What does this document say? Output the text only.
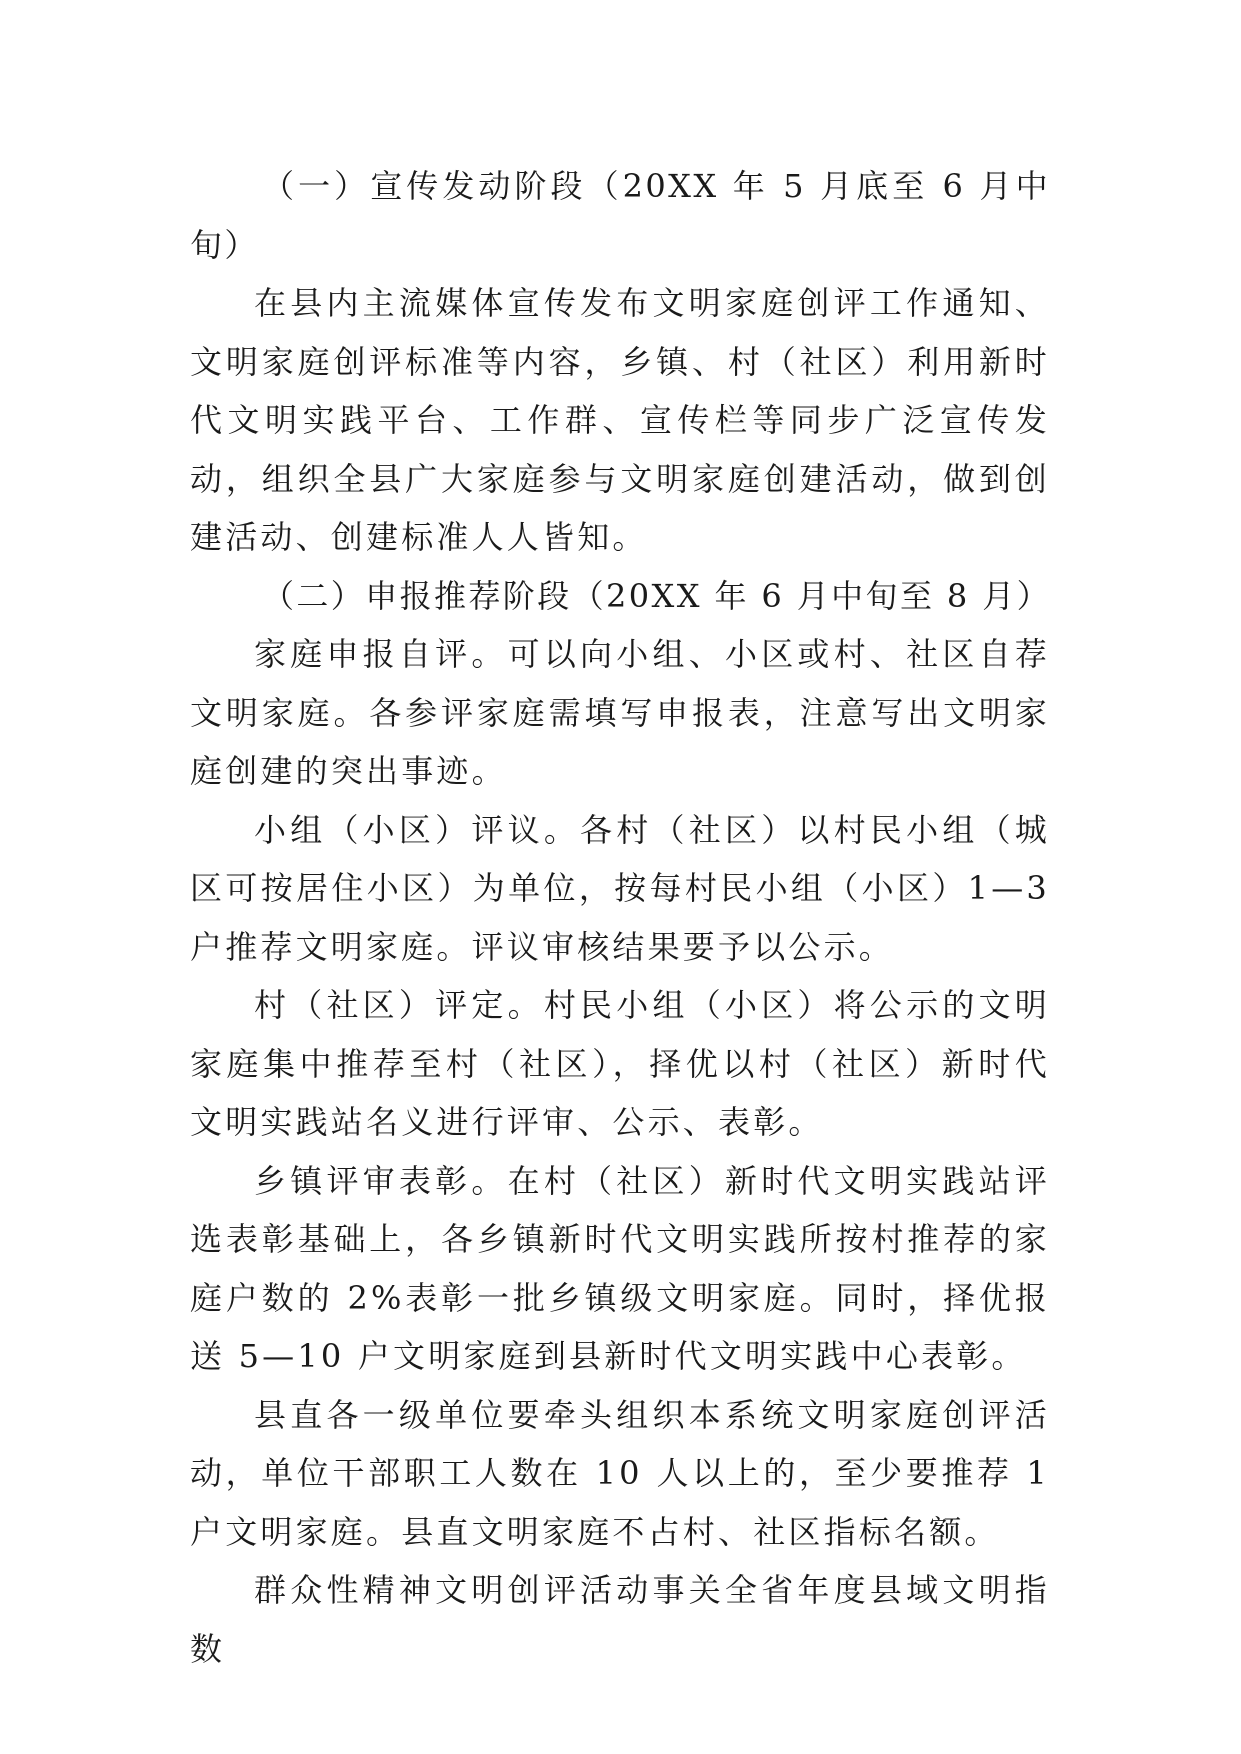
（一）宣传发动阶段（20XX 年 5 月底至 6 月中旬）

在县内主流媒体宣传发布文明家庭创评工作通知、文明家庭创评标准等内容，乡镇、村（社区）利用新时代文明实践平台、工作群、宣传栏等同步广泛宣传发动，组织全县广大家庭参与文明家庭创建活动，做到创建活动、创建标准人人皆知。

（二）申报推荐阶段（20XX 年 6 月中旬至 8 月）

家庭申报自评。可以向小组、小区或村、社区自荐文明家庭。各参评家庭需填写申报表，注意写出文明家庭创建的突出事迹。

小组（小区）评议。各村（社区）以村民小组（城区可按居住小区）为单位，按每村民小组（小区）1—3 户推荐文明家庭。评议审核结果要予以公示。

村（社区）评定。村民小组（小区）将公示的文明家庭集中推荐至村（社区），择优以村（社区）新时代文明实践站名义进行评审、公示、表彰。

乡镇评审表彰。在村（社区）新时代文明实践站评选表彰基础上，各乡镇新时代文明实践所按村推荐的家庭户数的 2%表彰一批乡镇级文明家庭。同时，择优报送 5—10 户文明家庭到县新时代文明实践中心表彰。

县直各一级单位要牵头组织本系统文明家庭创评活动，单位干部职工人数在 10 人以上的，至少要推荐 1 户文明家庭。县直文明家庭不占村、社区指标名额。

群众性精神文明创评活动事关全省年度县域文明指数
